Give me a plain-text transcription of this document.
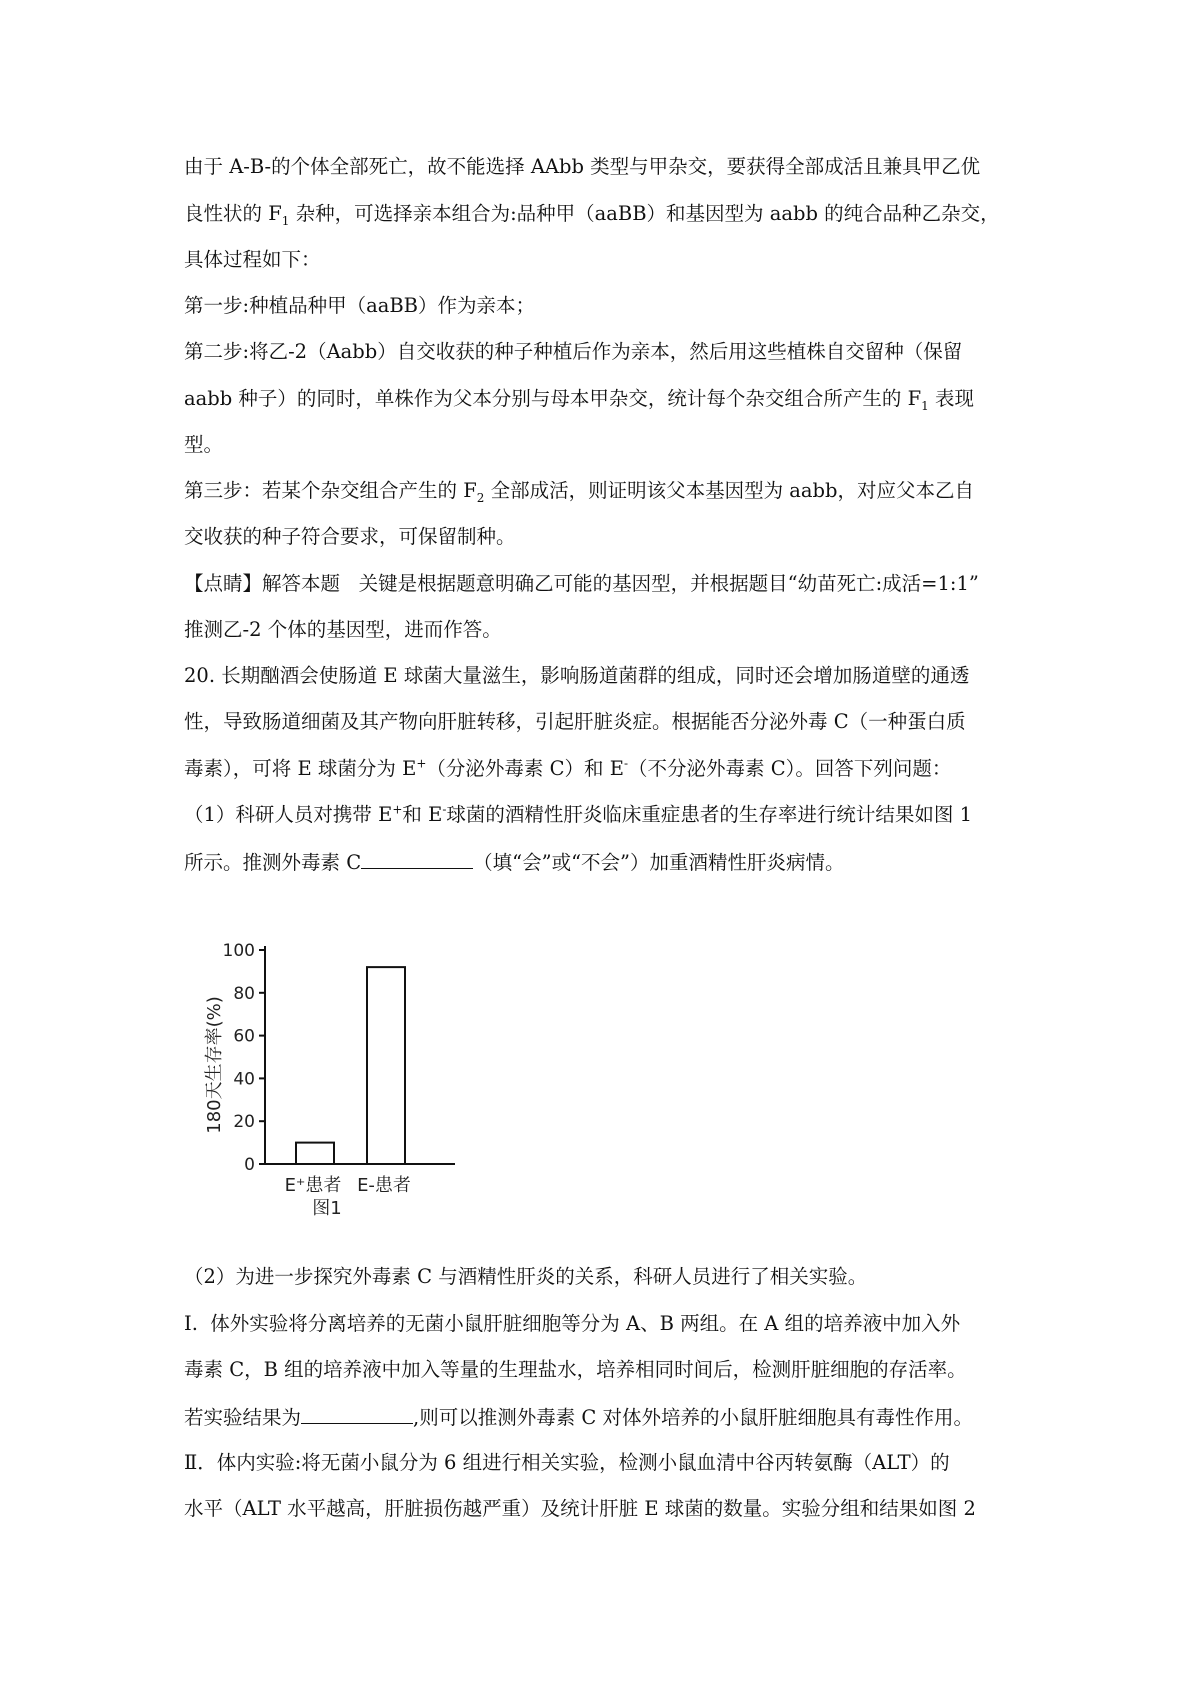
由于 A-B-的个体全部死亡，故不能选择 AAbb 类型与甲杂交，要获得全部成活且兼具甲乙优
良性状的 $F_1$ 杂种，可选择亲本组合为:品种甲（aaBB）和基因型为 aabb 的纯合品种乙杂交，
具体过程如下：
第一步:种植品种甲（aaBB）作为亲本；
第二步:将乙-2（Aabb）自交收获的种子种植后作为亲本，然后用这些植株自交留种（保留
aabb 种子）的同时，单株作为父本分别与母本甲杂交，统计每个杂交组合所产生的 $F_1$ 表现
型。
第三步：若某个杂交组合产生的 $F_2$ 全部成活，则证明该父本基因型为 aabb，对应父本乙自
交收获的种子符合要求，可保留制种。
【点睛】解答本题   关键是根据题意明确乙可能的基因型，并根据题目“幼苗死亡:成活=1:1”
推测乙-2 个体的基因型，进而作答。
20. 长期酗酒会使肠道 E 球菌大量滋生，影响肠道菌群的组成，同时还会增加肠道壁的通透
性，导致肠道细菌及其产物向肝脏转移，引起肝脏炎症。根据能否分泌外毒 C（一种蛋白质
毒素），可将 E 球菌分为 E+（分泌外毒素 C）和 E-（不分泌外毒素 C）。回答下列问题：
（1）科研人员对携带 E+和 E-球菌的酒精性肝炎临床重症患者的生存率进行统计结果如图 1
所示。推测外毒素 C	（填“会”或“不会”）加重酒精性肝炎病情。
0
20
40
60
80
100
E⁺患者 E-患者
180天生存率(%)
图1
（2）为进一步探究外毒素 C 与酒精性肝炎的关系，科研人员进行了相关实验。
I.  体外实验将分离培养的无菌小鼠肝脏细胞等分为 A、B 两组。在 A 组的培养液中加入外
毒素 C，B 组的培养液中加入等量的生理盐水，培养相同时间后，检测肝脏细胞的存活率。
若实验结果为	,则可以推测外毒素 C 对体外培养的小鼠肝脏细胞具有毒性作用。
Ⅱ．体内实验:将无菌小鼠分为 6 组进行相关实验，检测小鼠血清中谷丙转氨酶（ALT）的
水平（ALT 水平越高，肝脏损伤越严重）及统计肝脏 E 球菌的数量。实验分组和结果如图 2
